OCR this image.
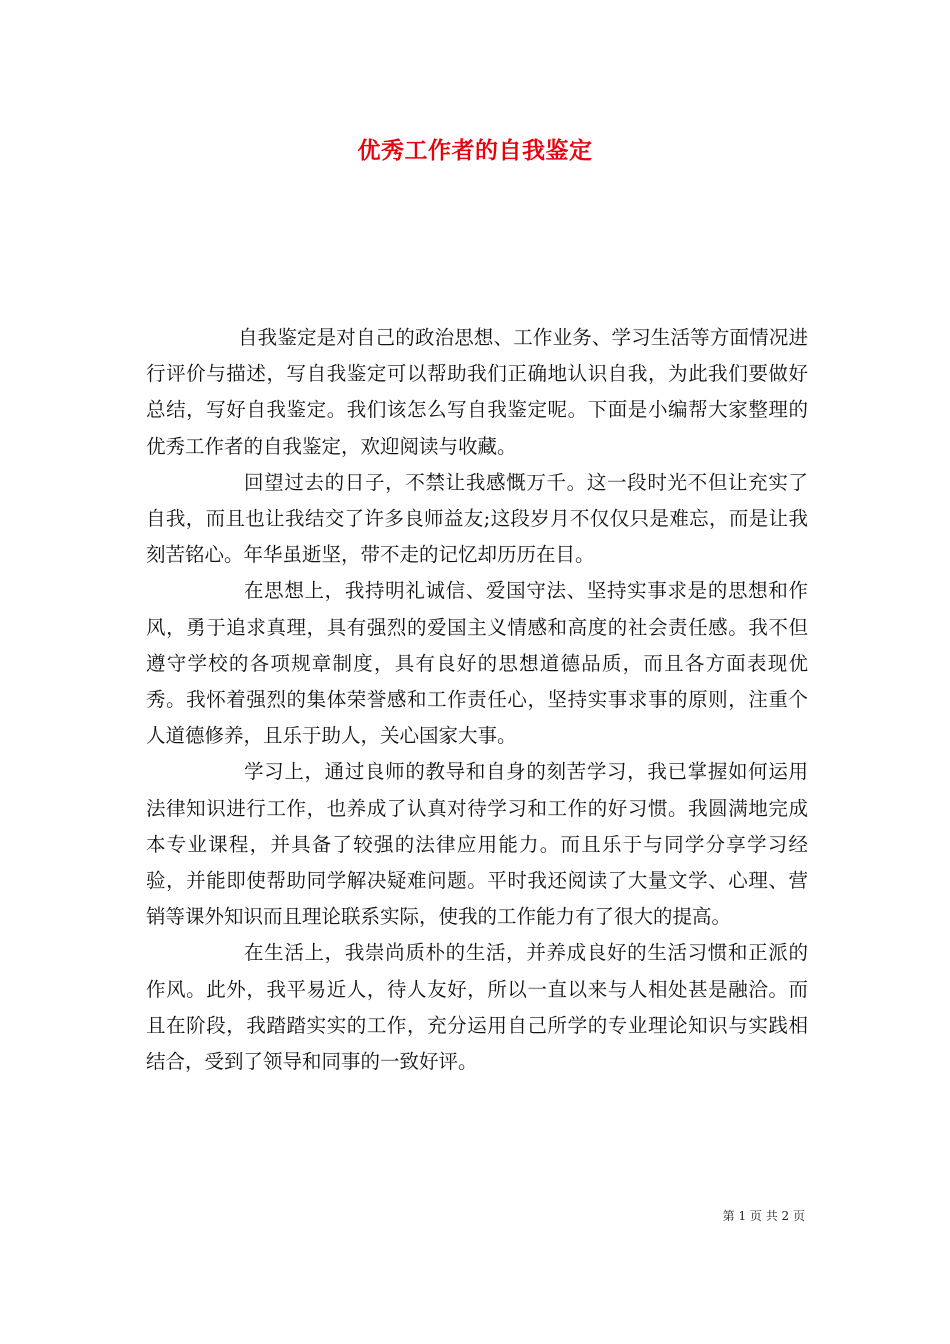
优秀工作者的自我鉴定

自我鉴定是对自己的政治思想、工作业务、学习生活等方面情况进行评价与描述，写自我鉴定可以帮助我们正确地认识自我，为此我们要做好总结，写好自我鉴定。我们该怎么写自我鉴定呢。下面是小编帮大家整理的优秀工作者的自我鉴定，欢迎阅读与收藏。

回望过去的日子，不禁让我感慨万千。这一段时光不但让充实了自我，而且也让我结交了许多良师益友;这段岁月不仅仅只是难忘，而是让我刻苦铭心。年华虽逝坚，带不走的记忆却历历在目。

在思想上，我持明礼诚信、爱国守法、坚持实事求是的思想和作风，勇于追求真理，具有强烈的爱国主义情感和高度的社会责任感。我不但遵守学校的各项规章制度，具有良好的思想道德品质，而且各方面表现优秀。我怀着强烈的集体荣誉感和工作责任心，坚持实事求事的原则，注重个人道德修养，且乐于助人，关心国家大事。

学习上，通过良师的教导和自身的刻苦学习，我已掌握如何运用法律知识进行工作，也养成了认真对待学习和工作的好习惯。我圆满地完成本专业课程，并具备了较强的法律应用能力。而且乐于与同学分享学习经验，并能即使帮助同学解决疑难问题。平时我还阅读了大量文学、心理、营销等课外知识而且理论联系实际，使我的工作能力有了很大的提高。

在生活上，我崇尚质朴的生活，并养成良好的生活习惯和正派的作风。此外，我平易近人，待人友好，所以一直以来与人相处甚是融洽。而且在阶段，我踏踏实实的工作，充分运用自己所学的专业理论知识与实践相结合，受到了领导和同事的一致好评。

第 1 页 共 2 页
